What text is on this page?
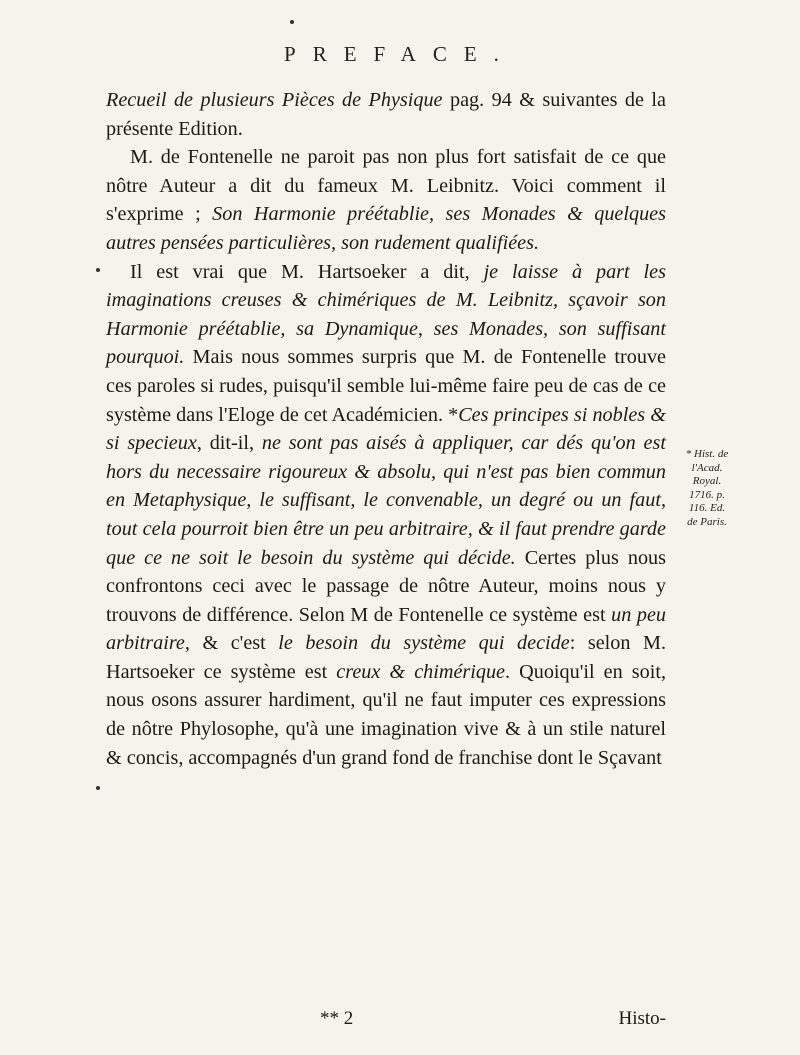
PREFACE.

Recueil de plusieurs Pièces de Physique pag. 94 & suivantes de la présente Edition.

M. de Fontenelle ne paroit pas non plus fort satisfait de ce que nôtre Auteur a dit du fameux M. Leibnitz. Voici comment il s'exprime ; Son Harmonie préétablie, ses Monades & quelques autres pensées particulières, son rudement qualifiées.

Il est vrai que M. Hartsoeker a dit, je laisse à part les imaginations creuses & chimériques de M. Leibnitz, sçavoir son Harmonie préétablie, sa Dynamique, ses Monades, son suffisant pourquoi. Mais nous sommes surpris que M. de Fontenelle trouve ces paroles si rudes, puisqu'il semble lui-même faire peu de cas de ce système dans l'Eloge de cet Académicien. *Ces principes si nobles & si specieux, dit-il, ne sont pas aisés à appliquer, car dés qu'on est hors du necessaire rigoureux & absolu, qui n'est pas bien commun en Metaphysique, le suffisant, le convenable, un degré ou un faut, tout cela pourroit bien être un peu arbitraire, & il faut prendre garde que ce ne soit le besoin du système qui décide. Certes plus nous confrontons ceci avec le passage de nôtre Auteur, moins nous y trouvons de différence. Selon M de Fontenelle ce système est un peu arbitraire, & c'est le besoin du système qui decide: selon M. Hartsoeker ce système est creux & chimérique. Quoiqu'il en soit, nous osons assurer hardiment, qu'il ne faut imputer ces expressions de nôtre Phylosophe, qu'à une imagination vive & à un stile naturel & concis, accompagnés d'un grand fond de franchise dont le Sçavant

* Hist. de
l'Acad.
Royal.
1716. p.
116. Ed.
de Paris.
** 2	Histo-
